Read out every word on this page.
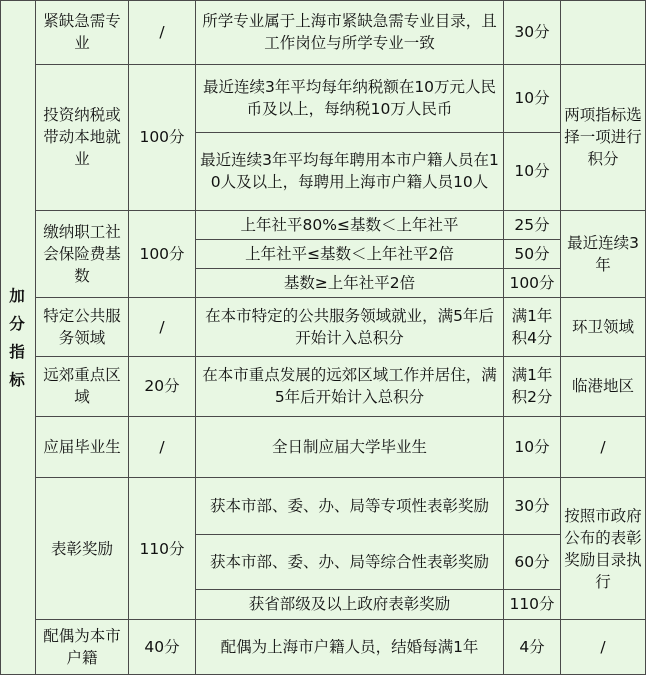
加分指标	紧缺急需专业	/	所学专业属于上海市紧缺急需专业目录，且工作岗位与所学专业一致	30分	
	投资纳税或带动本地就业	100分	最近连续3年平均每年纳税额在10万元人民币及以上，每纳税10万人民币	10分	两项指标选择一项进行积分
			最近连续3年平均每年聘用本市户籍人员在10人及以上，每聘用上海市户籍人员10人	10分	
	缴纳职工社会保险费基数	100分	上年社平80%≤基数＜上年社平	25分	最近连续3年
			上年社平≤基数＜上年社平2倍	50分	
			基数≥上年社平2倍	100分	
	特定公共服务领域	/	在本市特定的公共服务领域就业，满5年后开始计入总积分	满1年积4分	环卫领域
	远郊重点区域	20分	在本市重点发展的远郊区域工作并居住，满5年后开始计入总积分	满1年积2分	临港地区
	应届毕业生	/	全日制应届大学毕业生	10分	/
	表彰奖励	110分	获本市部、委、办、局等专项性表彰奖励	30分	按照市政府公布的表彰奖励目录执行
			获本市部、委、办、局等综合性表彰奖励	60分	
			获省部级及以上政府表彰奖励	110分	
	配偶为本市户籍	40分	配偶为上海市户籍人员，结婚每满1年	4分	/
